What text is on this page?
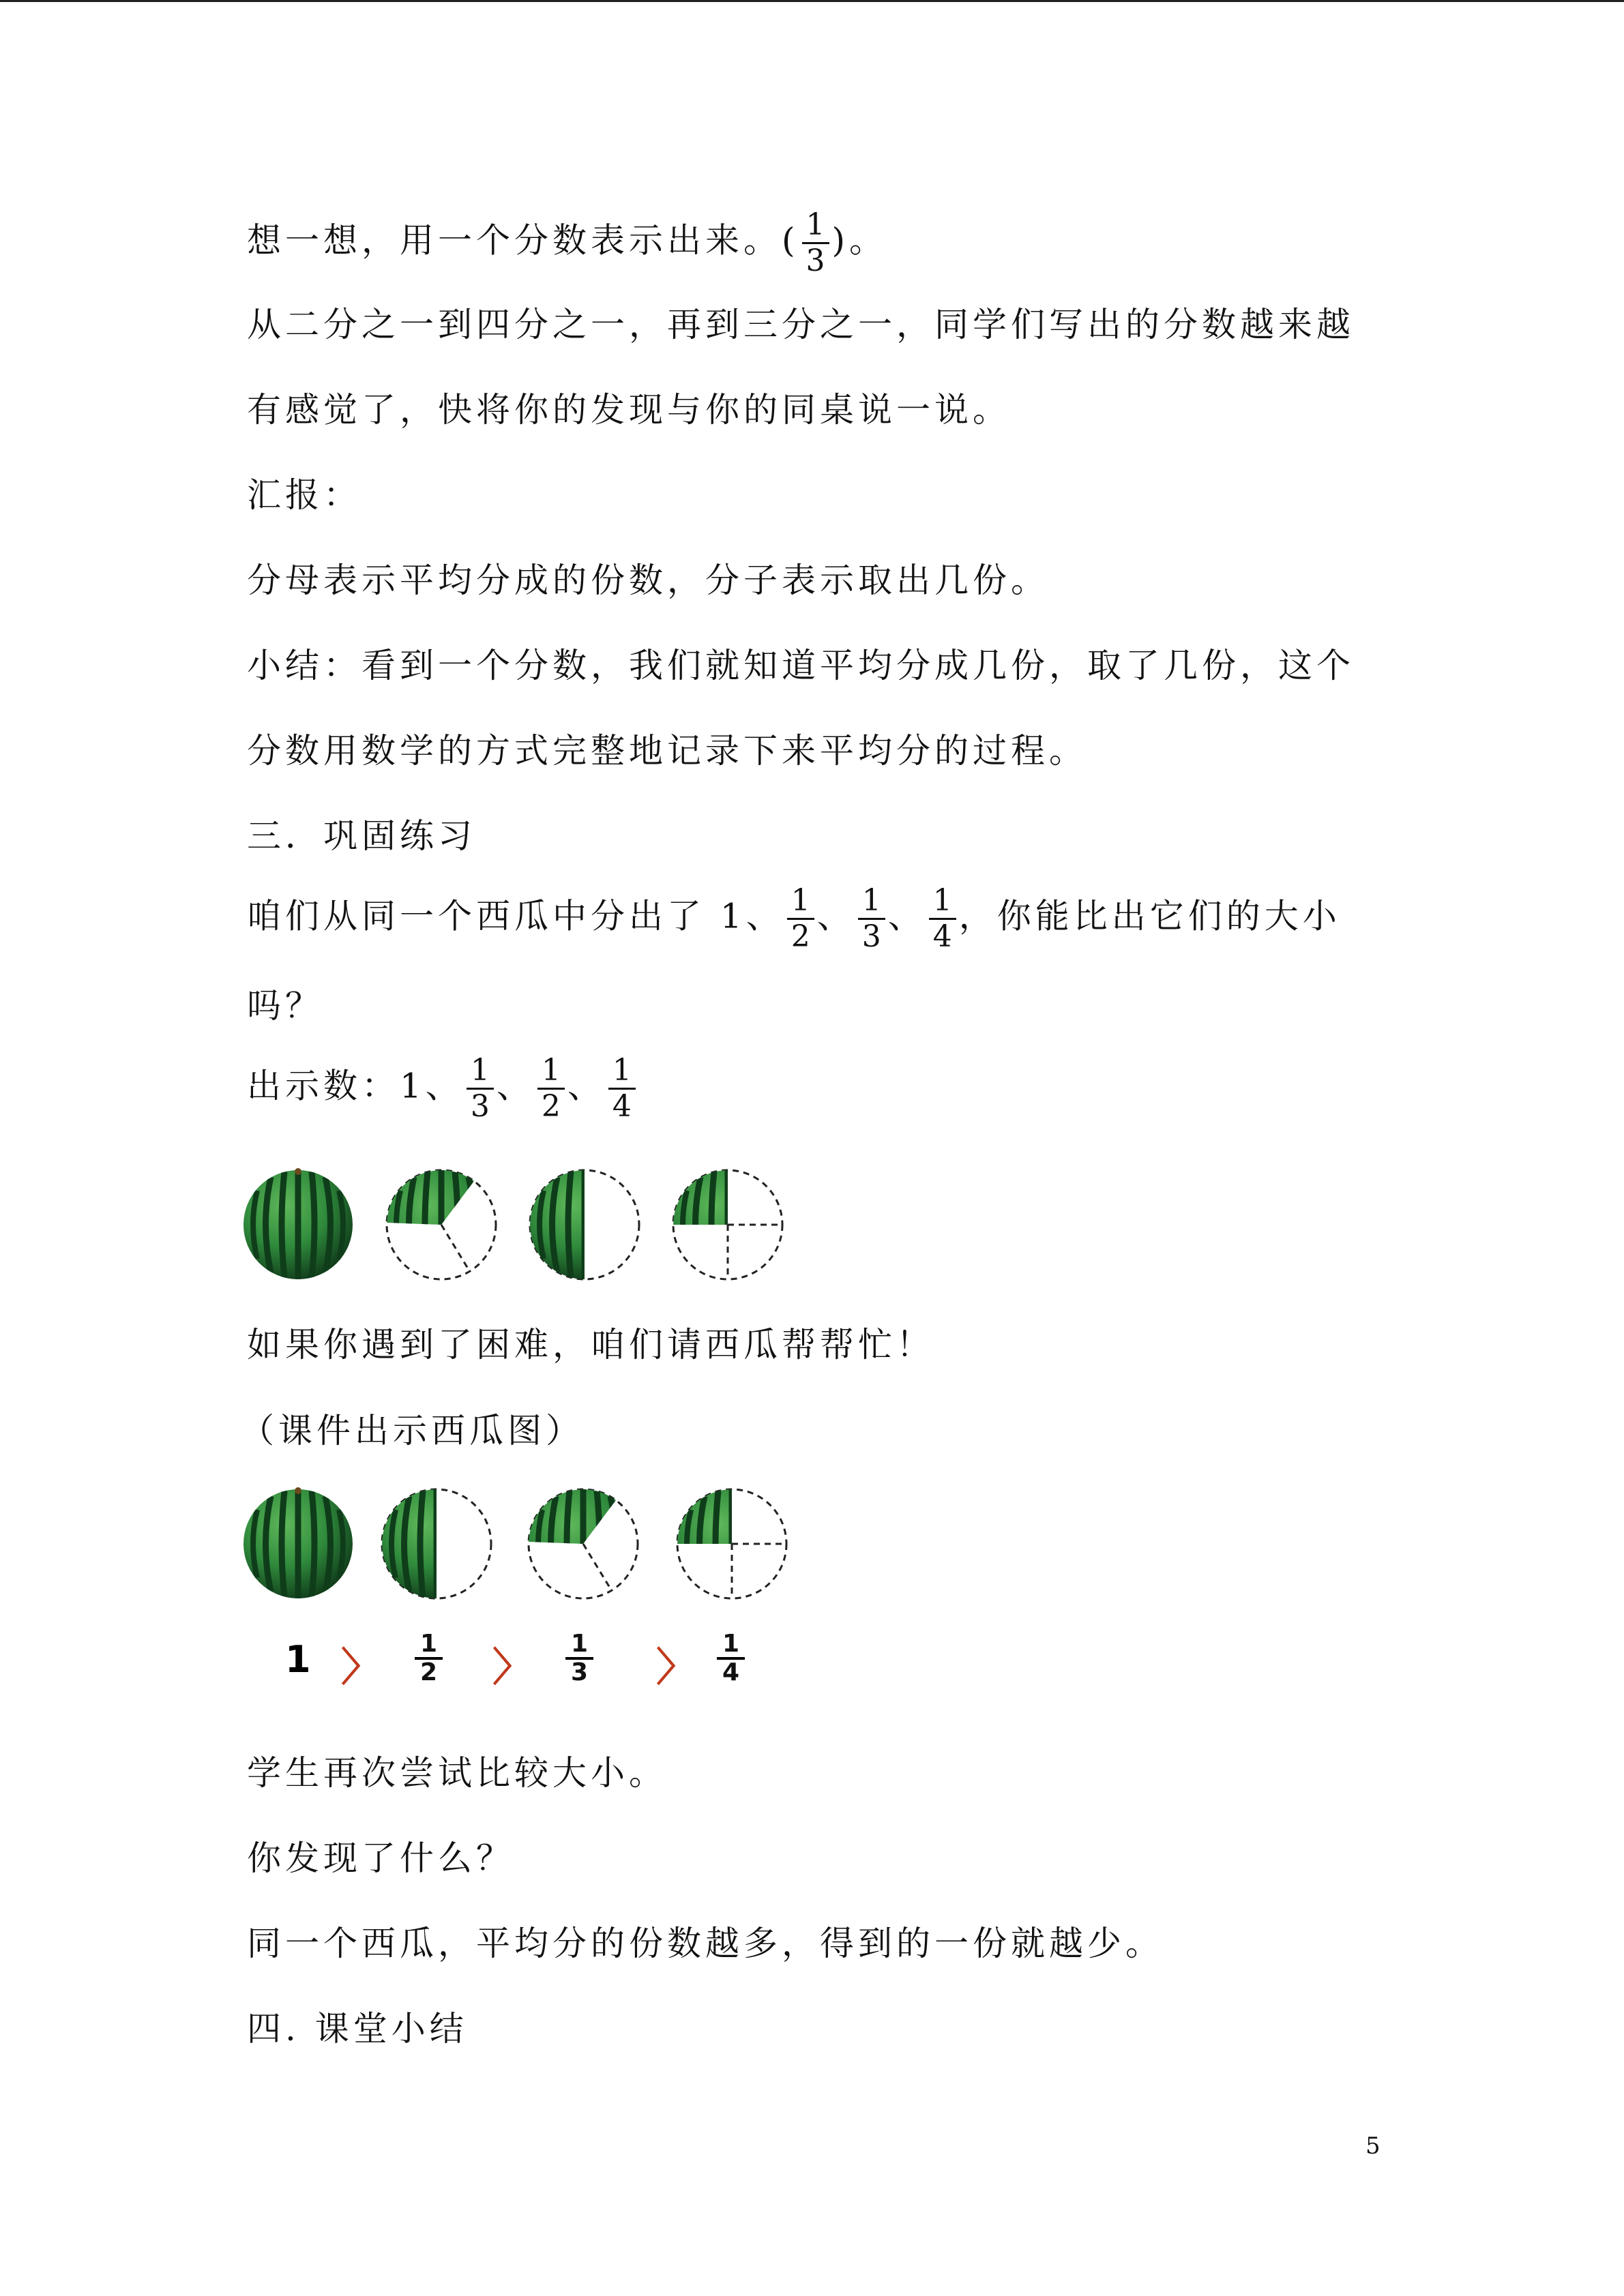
想一想，用一个分数表示出来。( $\frac{1}{3}$ )。
从二分之一到四分之一，再到三分之一，同学们写出的分数越来越
有感觉了，快将你的发现与你的同桌说一说。
汇报：
分母表示平均分成的份数，分子表示取出几份。
小结：看到一个分数，我们就知道平均分成几份，取了几份，这个
分数用数学的方式完整地记录下来平均分的过程。
三．巩固练习
咱们从同一个西瓜中分出了 1、 $\frac{1}{2}$ 、 $\frac{1}{3}$ 、 $\frac{1}{4}$ ，你能比出它们的大小
吗？
出示数：1、 $\frac{1}{3}$ 、 $\frac{1}{2}$ 、 $\frac{1}{4}$
如果你遇到了困难，咱们请西瓜帮帮忙！
（课件出示西瓜图）
1 〉 $\frac{1}{2}$ 〉 $\frac{1}{3}$ 〉 $\frac{1}{4}$
学生再次尝试比较大小。
你发现了什么？
同一个西瓜，平均分的份数越多，得到的一份就越少。
四. 课堂小结
5
